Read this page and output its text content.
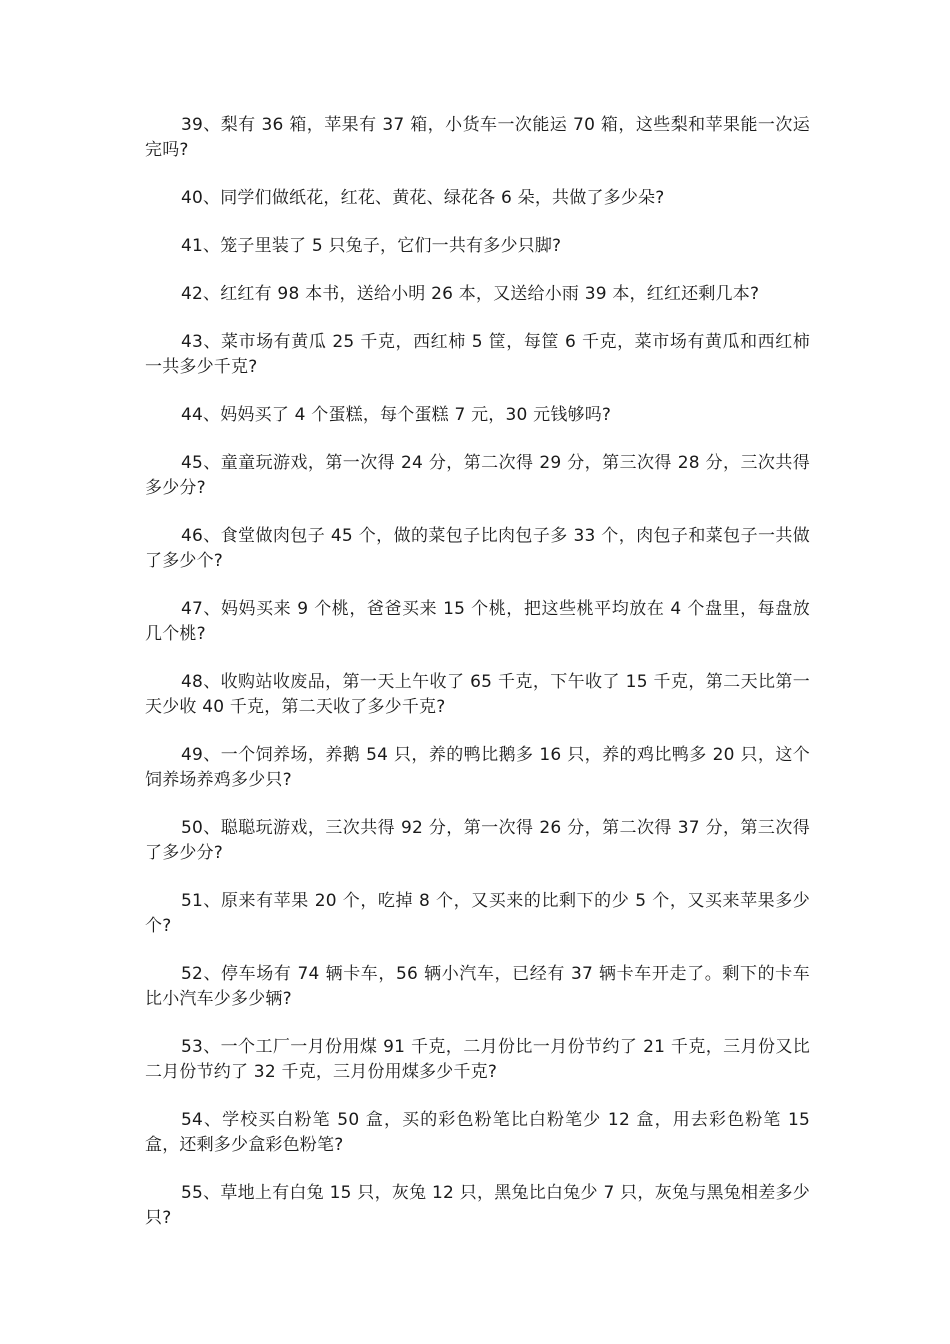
39、梨有 36 箱，苹果有 37 箱，小货车一次能运 70 箱，这些梨和苹果能一次运完吗?
40、同学们做纸花，红花、黄花、绿花各 6 朵，共做了多少朵?
41、笼子里装了 5 只兔子，它们一共有多少只脚?
42、红红有 98 本书，送给小明 26 本，又送给小雨 39 本，红红还剩几本?
43、菜市场有黄瓜 25 千克，西红柿 5 筐，每筐 6 千克，菜市场有黄瓜和西红柿一共多少千克?
44、妈妈买了 4 个蛋糕，每个蛋糕 7 元，30 元钱够吗?
45、童童玩游戏，第一次得 24 分，第二次得 29 分，第三次得 28 分，三次共得多少分?
46、食堂做肉包子 45 个，做的菜包子比肉包子多 33 个，肉包子和菜包子一共做了多少个?
47、妈妈买来 9 个桃，爸爸买来 15 个桃，把这些桃平均放在 4 个盘里，每盘放几个桃?
48、收购站收废品，第一天上午收了 65 千克，下午收了 15 千克，第二天比第一天少收 40 千克，第二天收了多少千克?
49、一个饲养场，养鹅 54 只，养的鸭比鹅多 16 只，养的鸡比鸭多 20 只，这个饲养场养鸡多少只?
50、聪聪玩游戏，三次共得 92 分，第一次得 26 分，第二次得 37 分，第三次得了多少分?
51、原来有苹果 20 个，吃掉 8 个，又买来的比剩下的少 5 个，又买来苹果多少个?
52、停车场有 74 辆卡车，56 辆小汽车，已经有 37 辆卡车开走了。剩下的卡车比小汽车少多少辆?
53、一个工厂一月份用煤 91 千克，二月份比一月份节约了 21 千克，三月份又比二月份节约了 32 千克，三月份用煤多少千克?
54、学校买白粉笔 50 盒，买的彩色粉笔比白粉笔少 12 盒，用去彩色粉笔 15 盒，还剩多少盒彩色粉笔?
55、草地上有白兔 15 只，灰兔 12 只，黑兔比白兔少 7 只，灰兔与黑兔相差多少只?
